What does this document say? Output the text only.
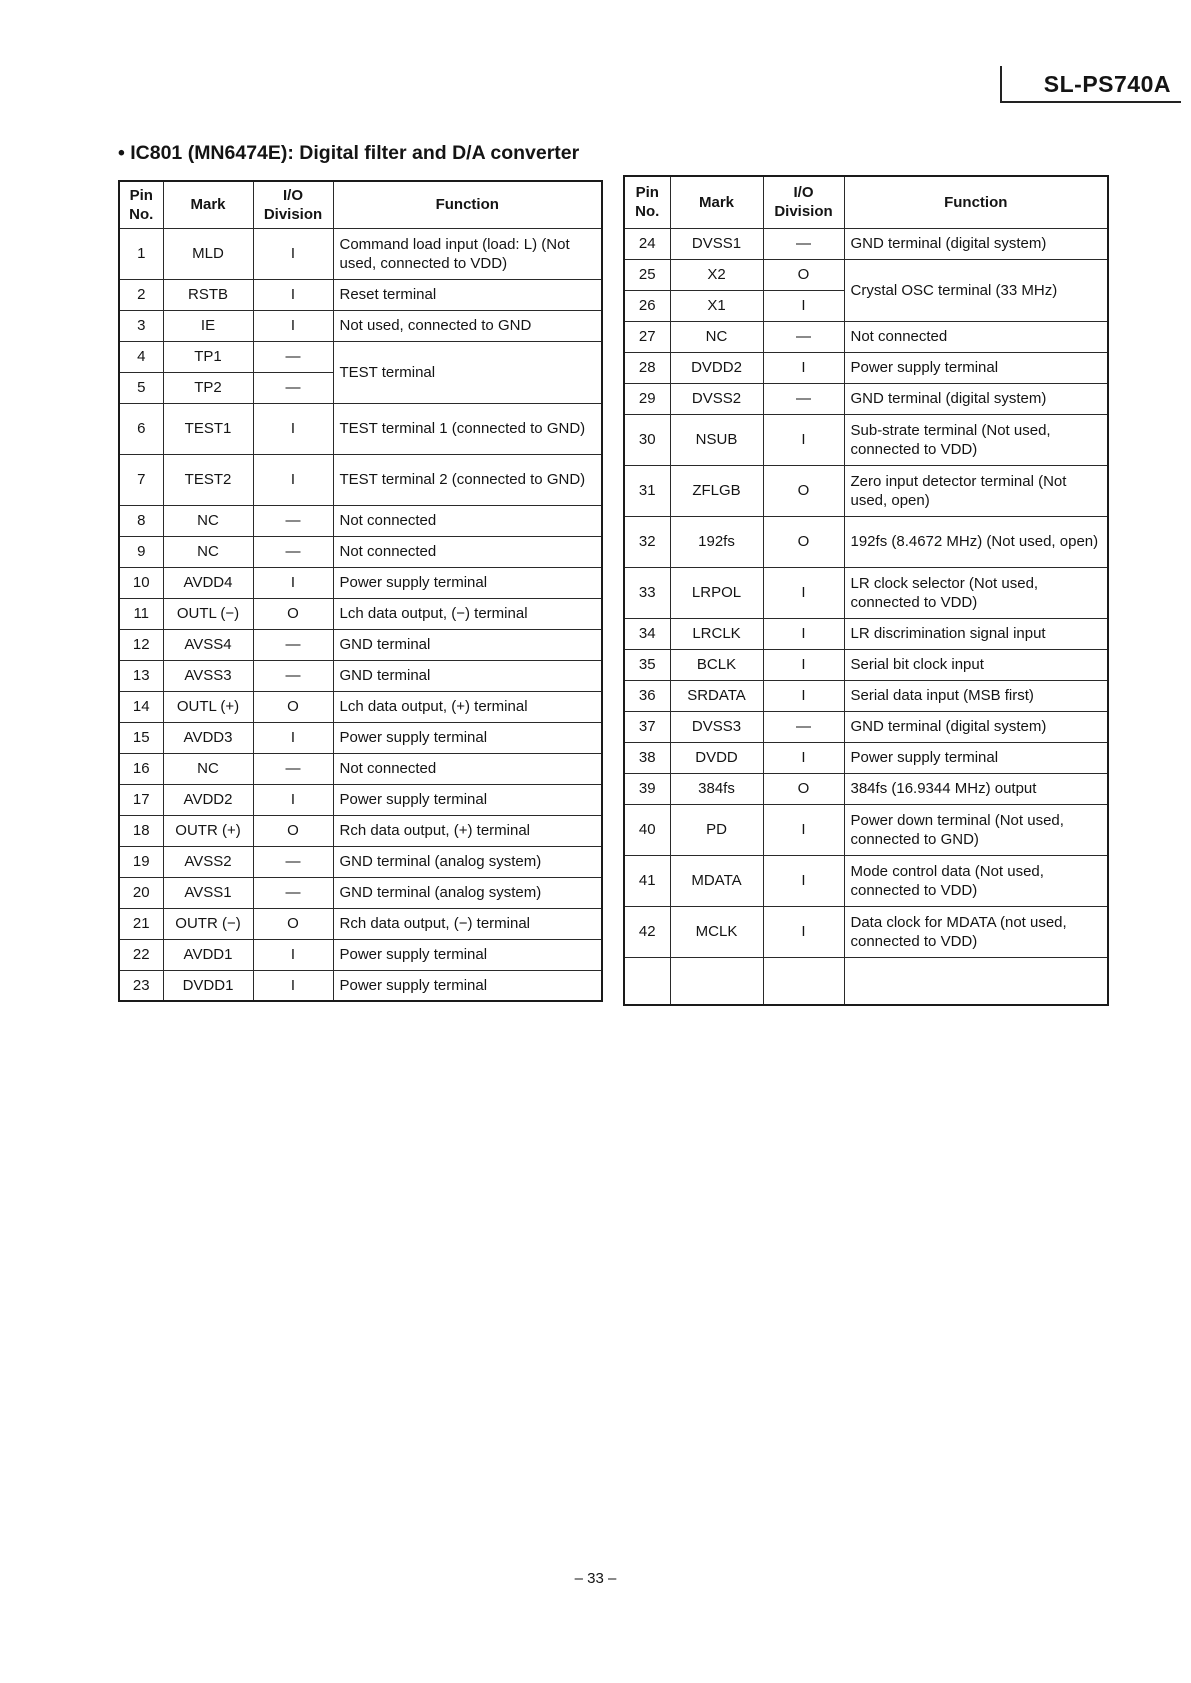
SL-PS740A
• IC801 (MN6474E): Digital filter and D/A converter
Pin No.	Mark	I/O Division	Function
1	MLD	I	Command load input (load: L) (Not used, connected to VDD)
2	RSTB	I	Reset terminal
3	IE	I	Not used, connected to GND
4	TP1	—	TEST terminal
5	TP2	—	
6	TEST1	I	TEST terminal 1 (connected to GND)
7	TEST2	I	TEST terminal 2 (connected to GND)
8	NC	—	Not connected
9	NC	—	Not connected
10	AVDD4	I	Power supply terminal
11	OUTL (−)	O	Lch data output, (−) terminal
12	AVSS4	—	GND terminal
13	AVSS3	—	GND terminal
14	OUTL (+)	O	Lch data output, (+) terminal
15	AVDD3	I	Power supply terminal
16	NC	—	Not connected
17	AVDD2	I	Power supply terminal
18	OUTR (+)	O	Rch data output, (+) terminal
19	AVSS2	—	GND terminal (analog system)
20	AVSS1	—	GND terminal (analog system)
21	OUTR (−)	O	Rch data output, (−) terminal
22	AVDD1	I	Power supply terminal
23	DVDD1	I	Power supply terminal
Pin No.	Mark	I/O Division	Function
24	DVSS1	—	GND terminal (digital system)
25	X2	O	Crystal OSC terminal (33 MHz)
26	X1	I	
27	NC	—	Not connected
28	DVDD2	I	Power supply terminal
29	DVSS2	—	GND terminal (digital system)
30	NSUB	I	Sub-strate terminal (Not used, connected to VDD)
31	ZFLGB	O	Zero input detector terminal (Not used, open)
32	192fs	O	192fs (8.4672 MHz) (Not used, open)
33	LRPOL	I	LR clock selector (Not used, connected to VDD)
34	LRCLK	I	LR discrimination signal input
35	BCLK	I	Serial bit clock input
36	SRDATA	I	Serial data input (MSB first)
37	DVSS3	—	GND terminal (digital system)
38	DVDD	I	Power supply terminal
39	384fs	O	384fs (16.9344 MHz) output
40	PD	I	Power down terminal (Not used, connected to GND)
41	MDATA	I	Mode control data (Not used, connected to VDD)
42	MCLK	I	Data clock for MDATA (not used, connected to VDD)

– 33 –
